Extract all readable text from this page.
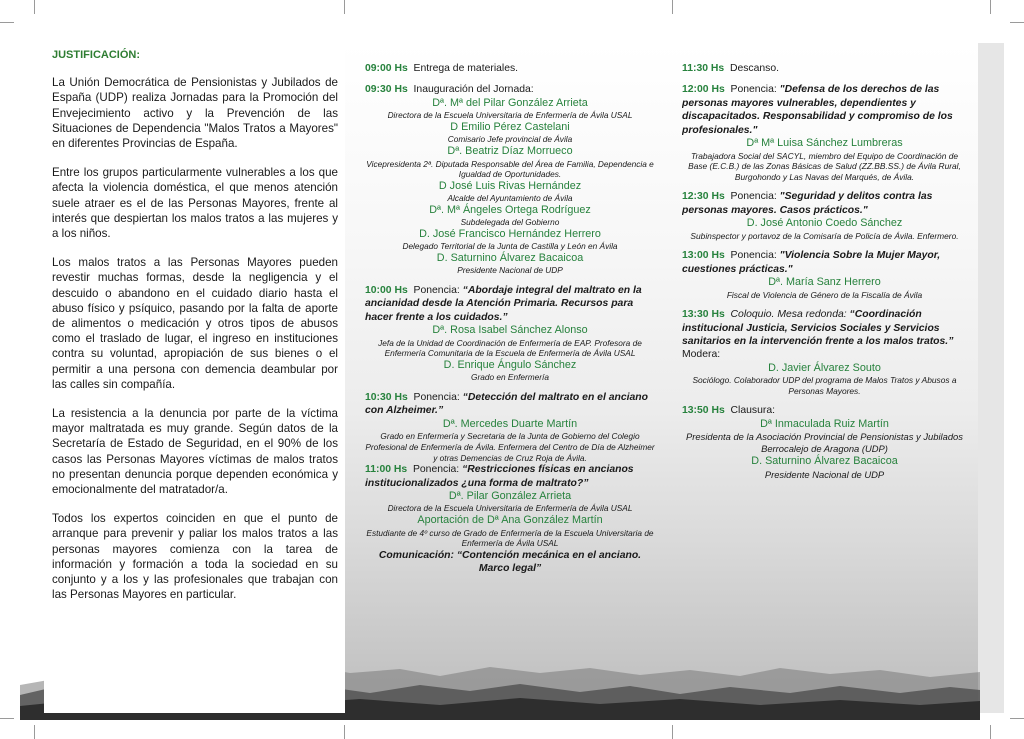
JUSTIFICACIÓN:

La Unión Democrática de Pensionistas y Jubilados de España (UDP) realiza Jornadas para la Promoción del Envejecimiento activo y la Prevención de las Situaciones de Dependencia "Malos Tratos a Mayores" en diferentes Provincias de España.

Entre los grupos particularmente vulnerables a los que afecta la violencia doméstica, el que menos atención suele atraer es el de las Personas Mayores, frente al interés que despiertan los malos tratos a las mujeres y a los niños.

Los malos tratos a las Personas Mayores pueden revestir muchas formas, desde la negligencia y el descuido o abandono en el cuidado diario hasta el abuso físico y psíquico, pasando por la falta de aporte de alimentos o medicación y otros tipos de abusos como el traslado de lugar, el ingreso en instituciones contra su voluntad, apropiación de sus bienes o el permitir a una persona con demencia deambular por las calles sin compañía.

La resistencia a la denuncia por parte de la víctima mayor maltratada es muy grande. Según datos de la Secretaría de Estado de Seguridad, en el 90% de los casos las Personas Mayores víctimas de malos tratos no presentan denuncia porque dependen económica y emocionalmente del matratador/a.

Todos los expertos coinciden en que el punto de arranque para prevenir y paliar los malos tratos a las personas mayores comienza con la tarea de información y formación a toda la sociedad en su conjunto y a los y las profesionales que trabajan con las Personas Mayores en particular.

09:00 Hs Entrega de materiales.
09:30 Hs Inauguración del Jornada:
Dª. Mª del Pilar González Arrieta
Directora de la Escuela Universitaria de Enfermería de Ávila USAL
D Emilio Pérez Castelani
Comisario Jefe provincial de Ávila
Dª. Beatriz Díaz Morrueco
Vicepresidenta 2ª. Diputada Responsable del Área de Familia, Dependencia e Igualdad de Oportunidades.
D José Luis Rivas Hernández
Alcalde del Ayuntamiento de Ávila
Dª. Mª Ángeles Ortega Rodríguez
Subdelegada del Gobierno
D. José Francisco Hernández Herrero
Delegado Territorial de la Junta de Castilla y León en Ávila
D. Saturnino Álvarez Bacaicoa
Presidente Nacional de UDP
10:00 Hs Ponencia: “Abordaje integral del maltrato en la ancianidad desde la Atención Primaria. Recursos para hacer frente a los cuidados.”
Dª. Rosa Isabel Sánchez Alonso
Jefa de la Unidad de Coordinación de Enfermería de EAP. Profesora de Enfermería Comunitaria de la Escuela de Enfermería de Ávila USAL
D. Enrique Ángulo Sánchez
Grado en Enfermería
10:30 Hs Ponencia: “Detección del maltrato en el anciano con Alzheimer.”
Dª. Mercedes Duarte Martín
Grado en Enfermería y Secretaria de la Junta de Gobierno del Colegio Profesional de Enfermería de Ávila. Enfermera del Centro de Día de Alzheimer y otras Demencias de Cruz Roja de Ávila.
11:00 Hs Ponencia: “Restricciones físicas en ancianos institucionalizados ¿una forma de maltrato?”
Dª. Pilar González Arrieta
Directora de la Escuela Universitaria de Enfermería de Ávila USAL
Aportación de Dª Ana González Martín
Estudiante de 4º curso de Grado de Enfermería de la Escuela Universitaria de Enfermería de Ávila USAL
Comunicación: “Contención mecánica en el anciano. Marco legal”
11:30 Hs Descanso.
12:00 Hs Ponencia: "Defensa de los derechos de las personas mayores vulnerables, dependientes y discapacitados. Responsabilidad y compromiso de los profesionales."
Dª Mª Luisa Sánchez Lumbreras
Trabajadora Social del SACYL, miembro del Equipo de Coordinación de Base (E.C.B.) de las Zonas Básicas de Salud (ZZ.BB.SS.) de Ávila Rural, Burgohondo y Las Navas del Marqués, de Ávila.
12:30 Hs Ponencia: "Seguridad y delitos contra las personas mayores. Casos prácticos."
D. José Antonio Coedo Sánchez
Subinspector y portavoz de la Comisaría de Policía de Ávila. Enfermero.
13:00 Hs Ponencia: "Violencia Sobre la Mujer Mayor, cuestiones prácticas."
Dª. María Sanz Herrero
Fiscal de Violencia de Género de la Fiscalía de Ávila
13:30 Hs Coloquio. Mesa redonda: “Coordinación institucional Justicia, Servicios Sociales y Servicios sanitarios en la intervención frente a los malos tratos.”
Modera:
D. Javier Álvarez Souto
Sociólogo. Colaborador UDP del programa de Malos Tratos y Abusos a Personas Mayores.
13:50 Hs Clausura:
Dª Inmaculada Ruiz Martín
Presidenta de la Asociación Provincial de Pensionistas y Jubilados Berrocalejo de Aragona (UDP)
D. Saturnino Álvarez Bacaicoa
Presidente Nacional de UDP
